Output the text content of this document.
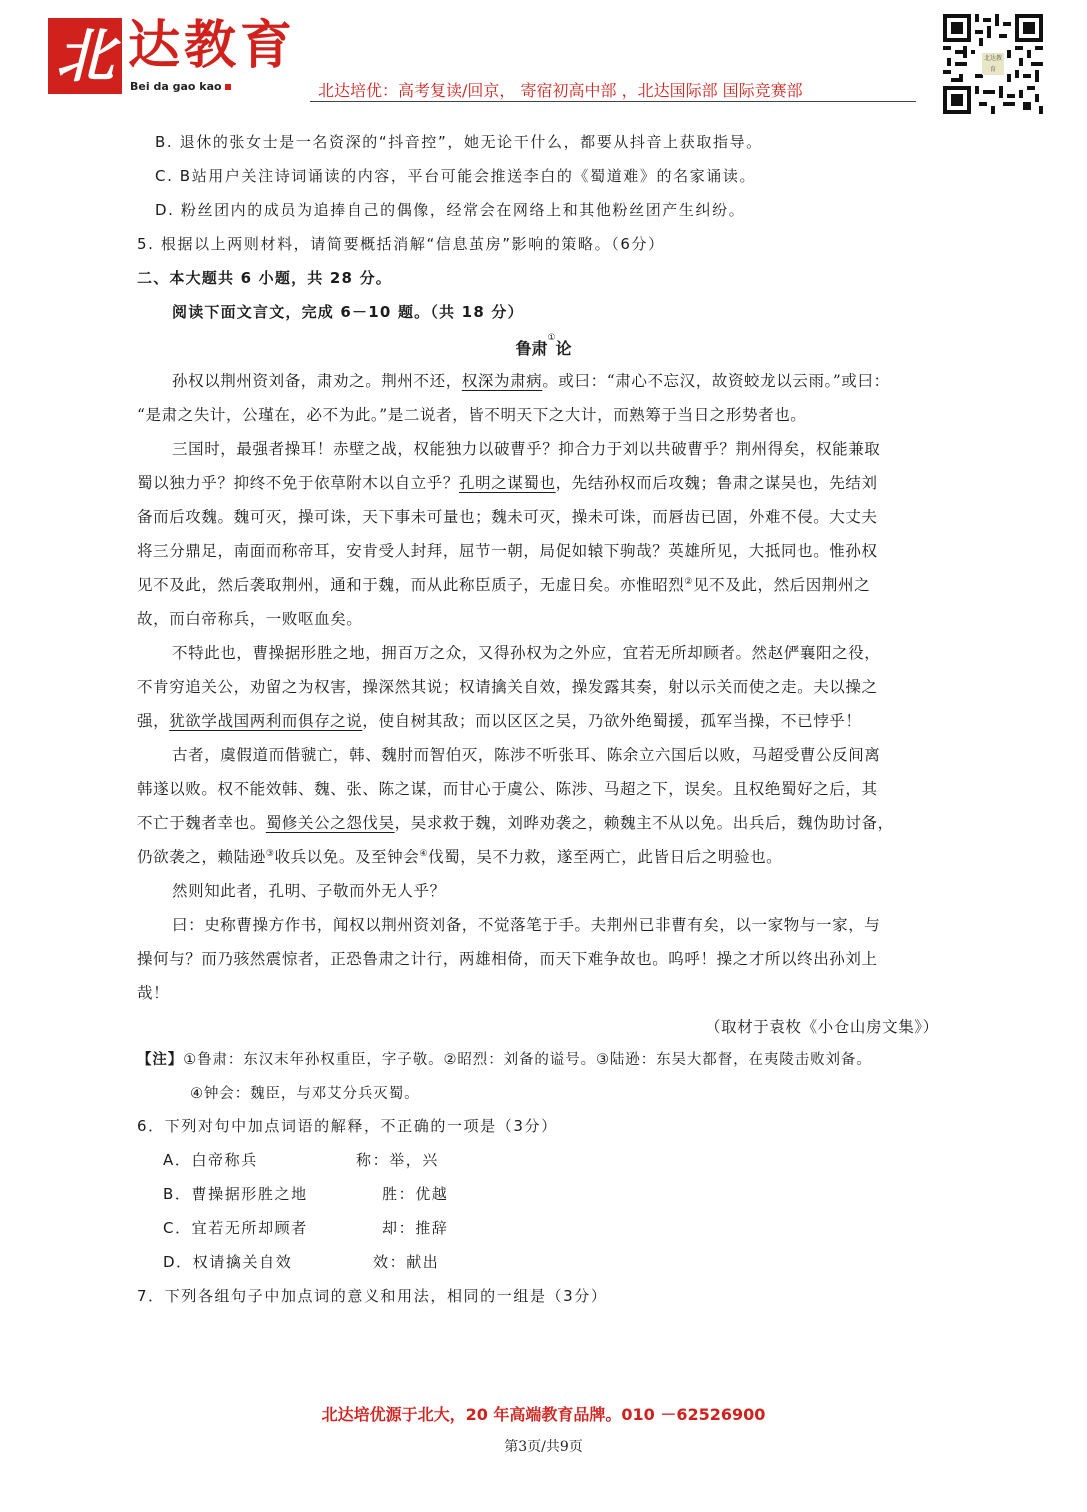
北 达教育
Bei da gao kao	北达培优：高考复读/回京， 寄宿初高中部 ，北达国际部 国际竞赛部
北达教育
B. 退休的张女士是一名资深的“抖音控”，她无论干什么，都要从抖音上获取指导。
C. B站用户关注诗词诵读的内容，平台可能会推送李白的《蜀道难》的名家诵读。
D. 粉丝团内的成员为追捧自己的偶像，经常会在网络上和其他粉丝团产生纠纷。
5. 根据以上两则材料，请简要概括消解“信息茧房”影响的策略。（6分）
二、本大题共 6 小题，共 28 分。
阅读下面文言文，完成 6－10 题。（共 18 分）
鲁肃①论
孙权以荆州资刘备，肃劝之。荆州不还，权深为肃病。或曰：“肃心不忘汉，故资蛟龙以云雨。”或曰：
“是肃之失计，公瑾在，必不为此。”是二说者，皆不明天下之大计，而熟筹于当日之形势者也。
三国时，最强者操耳！赤壁之战，权能独力以破曹乎？抑合力于刘以共破曹乎？荆州得矣，权能兼取
蜀以独力乎？抑终不免于依草附木以自立乎？孔明之谋蜀也，先结孙权而后攻魏；鲁肃之谋吴也，先结刘
备而后攻魏。魏可灭，操可诛，天下事未可量也；魏未可灭，操未可诛，而唇齿已固，外难不侵。大丈夫
将三分鼎足，南面而称帝耳，安肯受人封拜，屈节一朝，局促如辕下驹哉？英雄所见，大抵同也。惟孙权
见不及此，然后袭取荆州，通和于魏，而从此称臣质子，无虚日矣。亦惟昭烈②见不及此，然后因荆州之
故，而白帝称兵，一败呕血矣。
不特此也，曹操据形胜之地，拥百万之众，又得孙权为之外应，宜若无所却顾者。然赵俨襄阳之役，
不肯穷追关公，劝留之为权害，操深然其说；权请擒关自效，操发露其奏，射以示关而使之走。夫以操之
强，犹欲学战国两利而俱存之说，使自树其敌；而以区区之吴，乃欲外绝蜀援，孤军当操，不已悖乎！
古者，虞假道而偕虢亡，韩、魏肘而智伯灭，陈涉不听张耳、陈余立六国后以败，马超受曹公反间离
韩遂以败。权不能效韩、魏、张、陈之谋，而甘心于虞公、陈涉、马超之下，误矣。且权绝蜀好之后，其
不亡于魏者幸也。蜀修关公之怨伐吴，吴求救于魏，刘晔劝袭之，赖魏主不从以免。出兵后，魏伪助讨备，
仍欲袭之，赖陆逊③收兵以免。及至钟会④伐蜀，吴不力救，遂至两亡，此皆日后之明验也。
然则知此者，孔明、子敬而外无人乎？
曰：史称曹操方作书，闻权以荆州资刘备，不觉落笔于手。夫荆州已非曹有矣，以一家物与一家，与
操何与？而乃骇然震惊者，正恐鲁肃之计行，两雄相倚，而天下难争故也。呜呼！操之才所以终出孙刘上
哉！
（取材于袁枚《小仓山房文集》）
【注】①鲁肃：东汉末年孙权重臣，字子敬。②昭烈：刘备的谥号。③陆逊：东吴大都督，在夷陵击败刘备。
④钟会：魏臣，与邓艾分兵灭蜀。
6．下列对句中加点词语的解释，不正确的一项是（3分）
A．白帝称兵	称：举，兴
B．曹操据形胜之地	胜：优越
C．宜若无所却顾者	却：推辞
D．权请擒关自效	效：献出
7．下列各组句子中加点词的意义和用法，相同的一组是（3分）
北达培优源于北大，20 年高端教育品牌。010 －62526900
第3页/共9页
